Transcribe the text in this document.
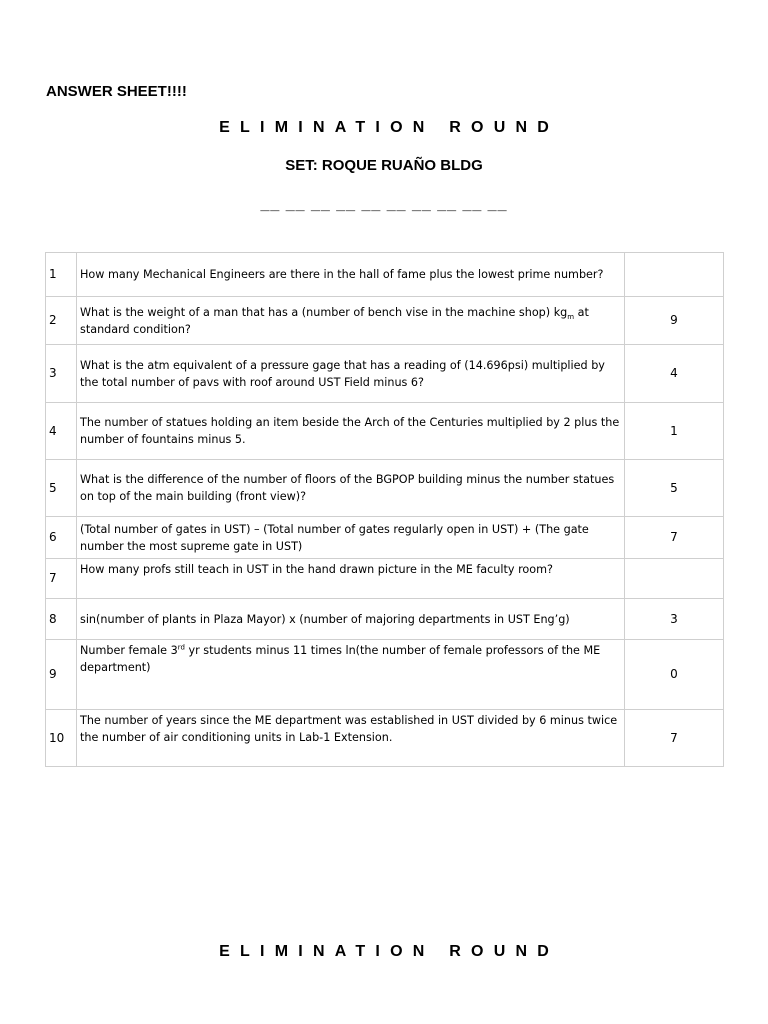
ANSWER SHEET!!!!
ELIMINATION ROUND
SET: ROQUE RUAÑO BLDG
__ __ __ __ __ __ __ __ __ __
1	How many Mechanical Engineers are there in the hall of fame plus the lowest prime number?	
2	What is the weight of a man that has a (number of bench vise in the machine shop) $kg_m$ at standard condition?	9
3	What is the atm equivalent of a pressure gage that has a reading of (14.696psi) multiplied by the total number of pavs with roof around UST Field minus 6?	4
4	The number of statues holding an item beside the Arch of the Centuries multiplied by 2 plus the number of fountains minus 5.	1
5	What is the difference of the number of floors of the BGPOP building minus the number statues on top of the main building (front view)?	5
6	(Total number of gates in UST) – (Total number of gates regularly open in UST) + (The gate number the most supreme gate in UST)	7
7	How many profs still teach in UST in the hand drawn picture in the ME faculty room?	
8	sin(number of plants in Plaza Mayor) x (number of majoring departments in UST Eng’g)	3
9	Number female 3rd yr students minus 11 times ln(the number of female professors of the ME department)	0
10	The number of years since the ME department was established in UST divided by 6 minus twice the number of air conditioning units in Lab-1 Extension.	7
ELIMINATION ROUND
